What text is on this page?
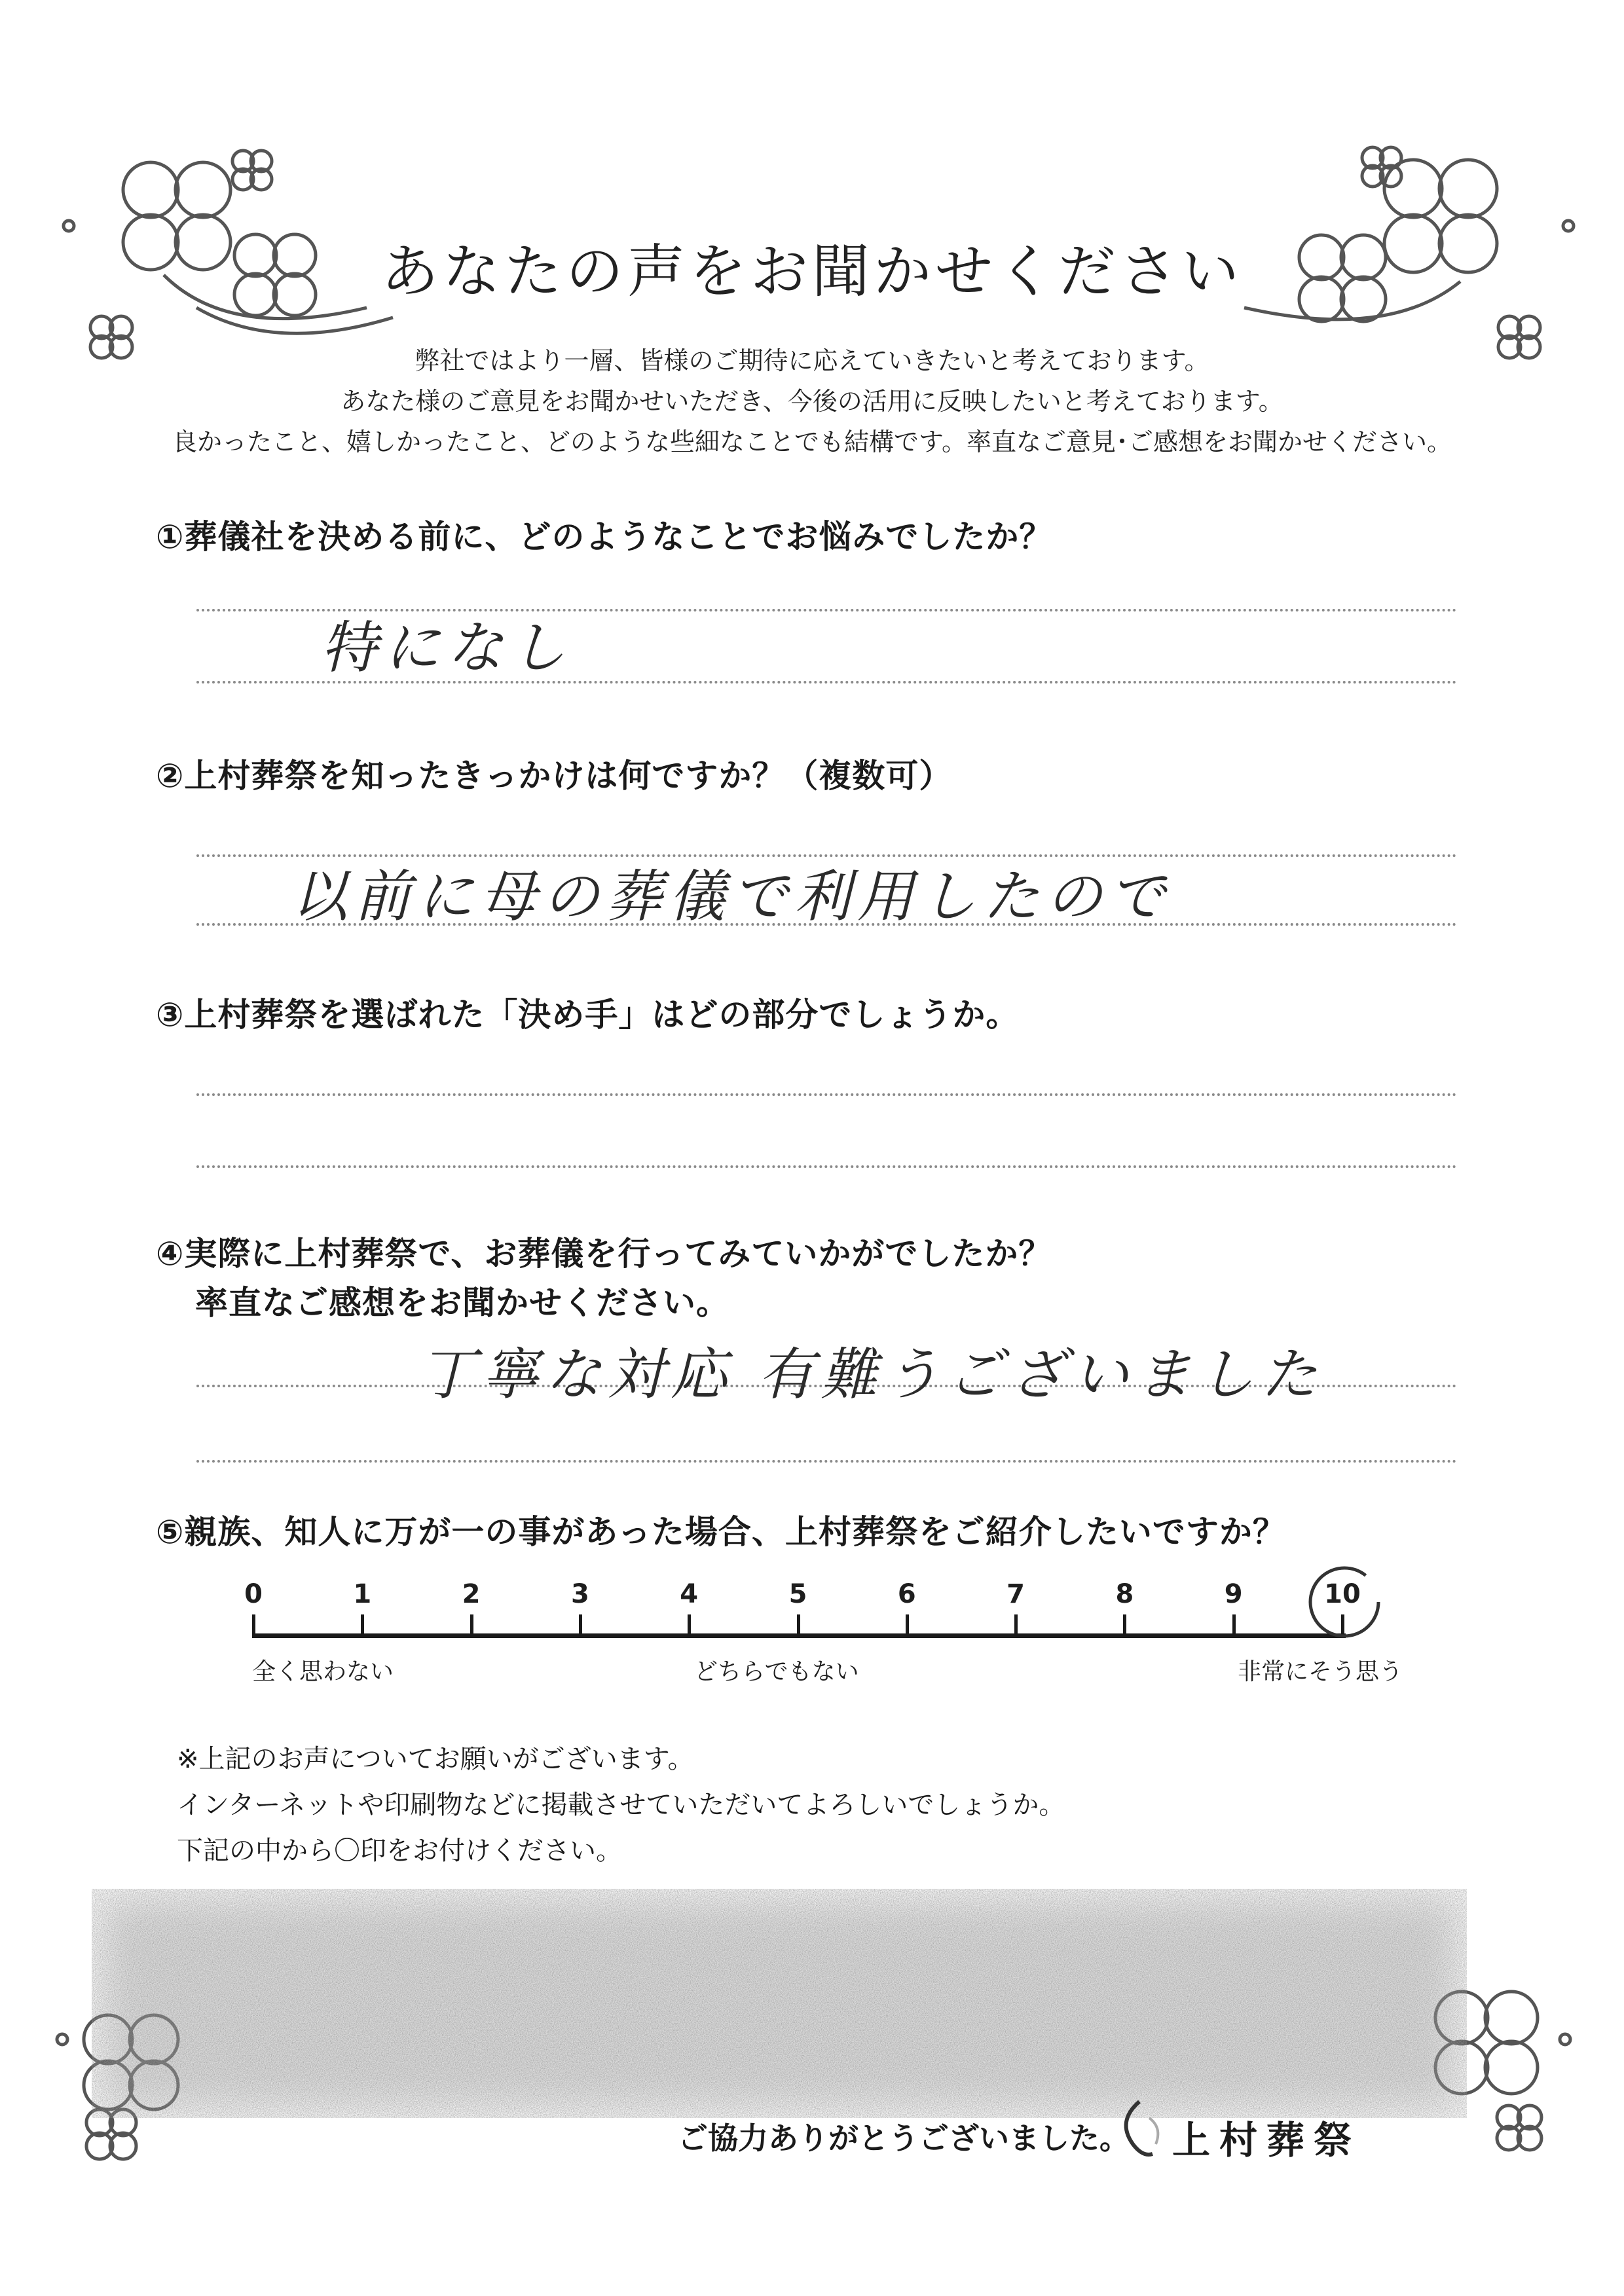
あなたの声をお聞かせください
弊社ではより一層、皆様のご期待に応えていきたいと考えております。
あなた様のご意見をお聞かせいただき、今後の活用に反映したいと考えております。
良かったこと、嬉しかったこと、どのような些細なことでも結構です。率直なご意見･ご感想をお聞かせください。
①葬儀社を決める前に、どのようなことでお悩みでしたか？
特になし
②上村葬祭を知ったきっかけは何ですか？（複数可）
以前に母の葬儀で利用したので
③上村葬祭を選ばれた「決め手」はどの部分でしょうか。
④実際に上村葬祭で、お葬儀を行ってみていかがでしたか？
率直なご感想をお聞かせください。
丁寧な対応 有難うございました
⑤親族、知人に万が一の事があった場合、上村葬祭をご紹介したいですか？
0	1	2	3	4	5	6	7	8	9	10
全く思わない	どちらでもない	非常にそう思う
※上記のお声についてお願いがございます。
インターネットや印刷物などに掲載させていただいてよろしいでしょうか。
下記の中から〇印をお付けください。
ご協力ありがとうございました。 上村葬祭
